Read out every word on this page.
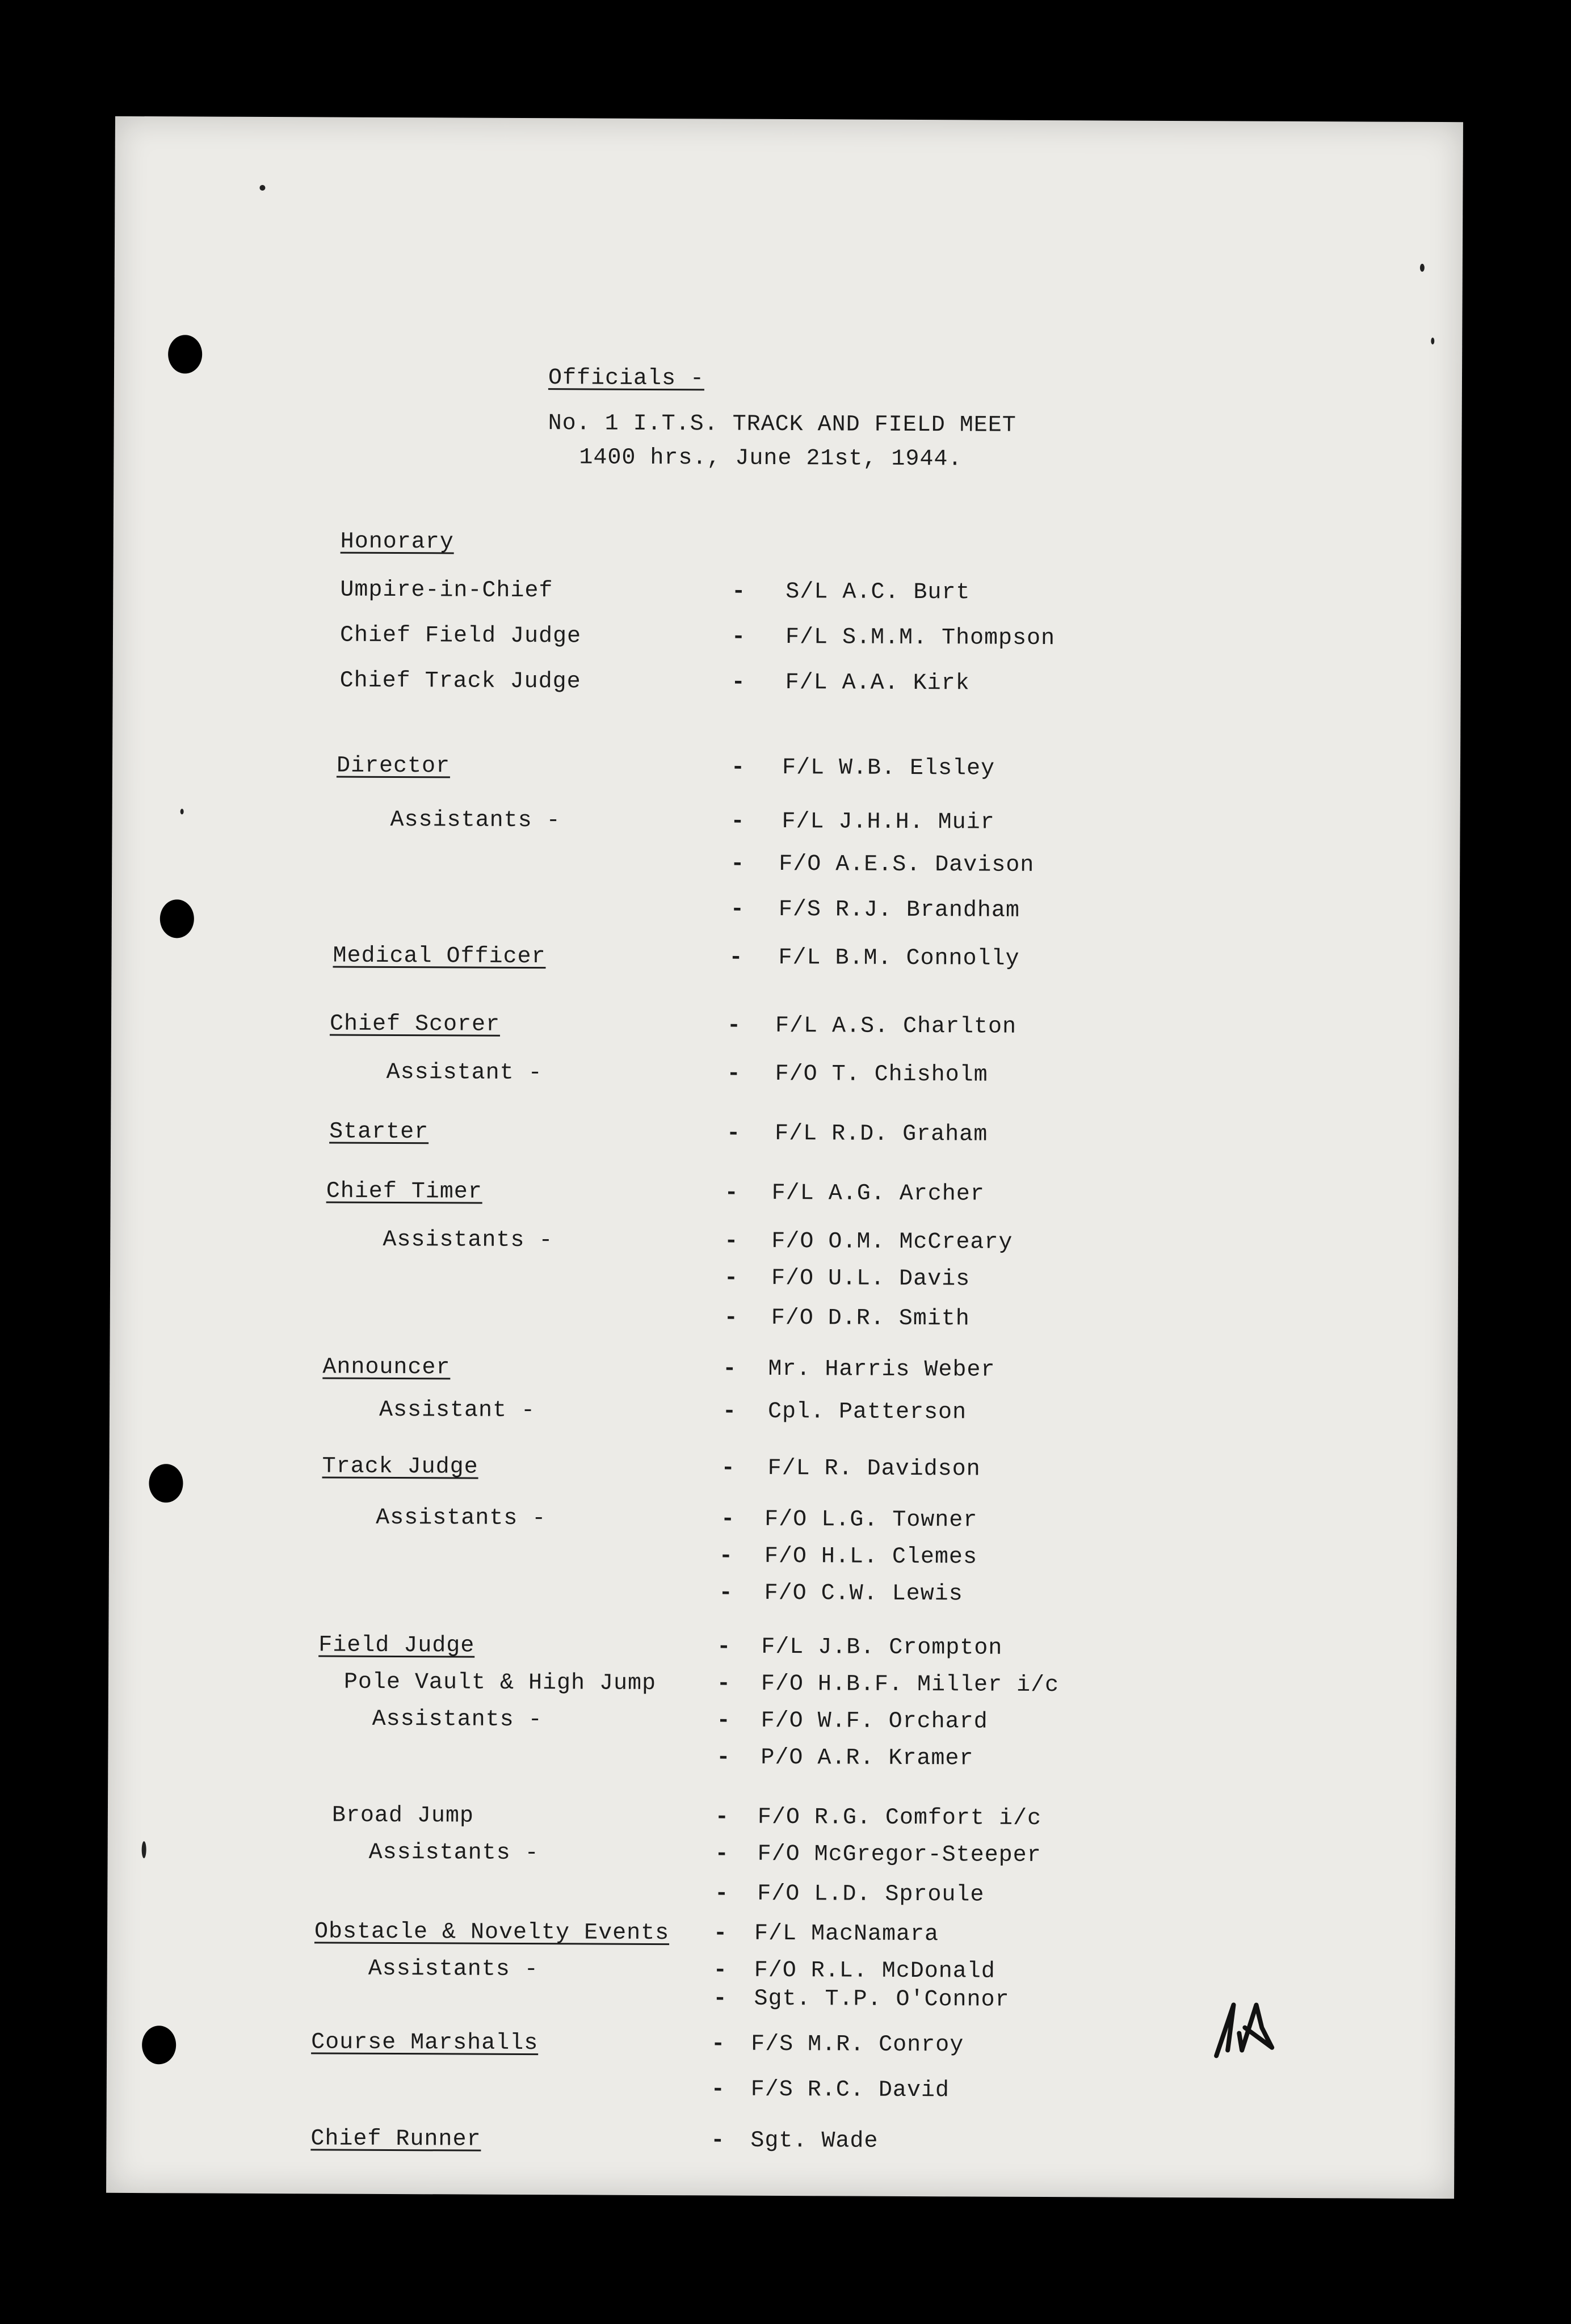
Officials -
No. 1 I.T.S. TRACK AND FIELD MEET
1400 hrs., June 21st, 1944.
Honorary
Umpire-in-Chief	- S/L A.C. Burt
Chief Field Judge	- F/L S.M.M. Thompson
Chief Track Judge	- F/L A.A. Kirk
Director	- F/L W.B. Elsley
Assistants -	- F/L J.H.H. Muir
- F/O A.E.S. Davison
- F/S R.J. Brandham
Medical Officer	- F/L B.M. Connolly
Chief Scorer	- F/L A.S. Charlton
Assistant -	- F/O T. Chisholm
Starter	- F/L R.D. Graham
Chief Timer	- F/L A.G. Archer
Assistants -	- F/O O.M. McCreary
- F/O U.L. Davis
- F/O D.R. Smith
Announcer	- Mr. Harris Weber
Assistant -	- Cpl. Patterson
Track Judge	- F/L R. Davidson
Assistants -	- F/O L.G. Towner
- F/O H.L. Clemes
- F/O C.W. Lewis
Field Judge	- F/L J.B. Crompton
Pole Vault & High Jump	- F/O H.B.F. Miller i/c
Assistants -	- F/O W.F. Orchard
- P/O A.R. Kramer
Broad Jump	- F/O R.G. Comfort i/c
Assistants -	- F/O McGregor-Steeper
- F/O L.D. Sproule
Obstacle & Novelty Events - F/L MacNamara
Assistants -	- F/O R.L. McDonald
- Sgt. T.P. O'Connor
Course Marshalls	- F/S M.R. Conroy
- F/S R.C. David
Chief Runner	- Sgt. Wade
